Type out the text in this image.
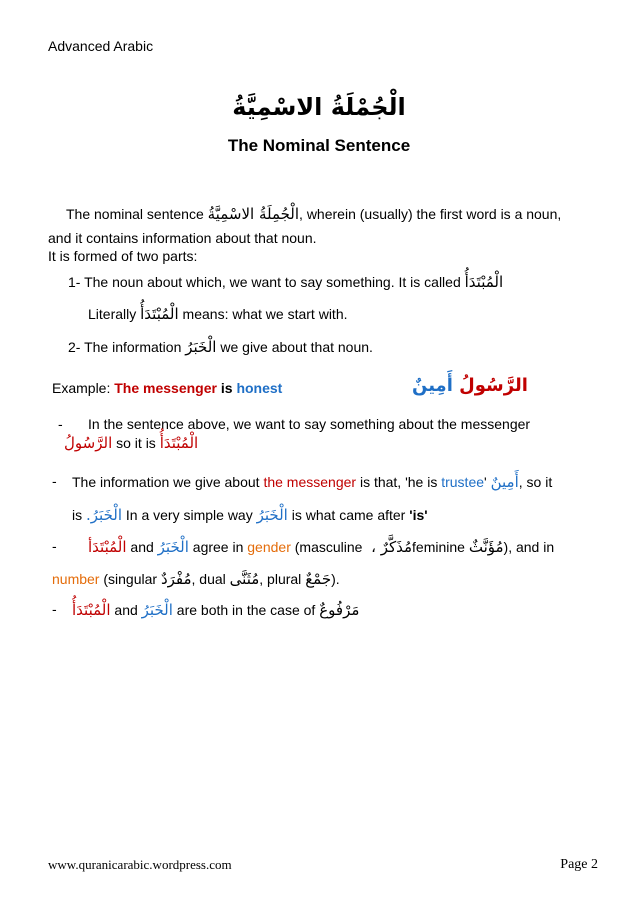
Advanced Arabic
الْجُمْلَةُ الاسْمِيَّةُ
The Nominal Sentence
The nominal sentence الْجُمِلَةُ الاسْمِيَّةُ, wherein (usually) the first word is a noun,
and it contains information about that noun.
It is formed of two parts:
1- The noun about which, we want to say something. It is called الْمُبْتَدَأُ
Literally الْمُبْتَدَأُ means: what we start with.
2- The information الْخَبَرُ we give about that noun.
Example: The messenger is honest	الرَّسُولُ أَمِينٌ
- In the sentence above, we want to say something about the messenger
الرَّسُولُ so it is الْمُبْتَدَأُ
- The information we give about the messenger is that, 'he is trustee' أَمِينٌ, so it
is الْخَبَرُ. In a very simple way الْخَبَرُ is what came after 'is'
- الْمُبْتَدَأ and الْخَبَرُ agree in gender (masculine مُذَكَّرٌ ، feminine مُؤَنَّثٌ), and in
number (singular مُفْرَدٌ, dual مُثَنَّى, plural جَمْعٌ).
- الْمُبْتَدَأُ and الْخَبَرُ are both in the case of مَرْفُوعٌ
www.quranicarabic.wordpress.com	Page 2
